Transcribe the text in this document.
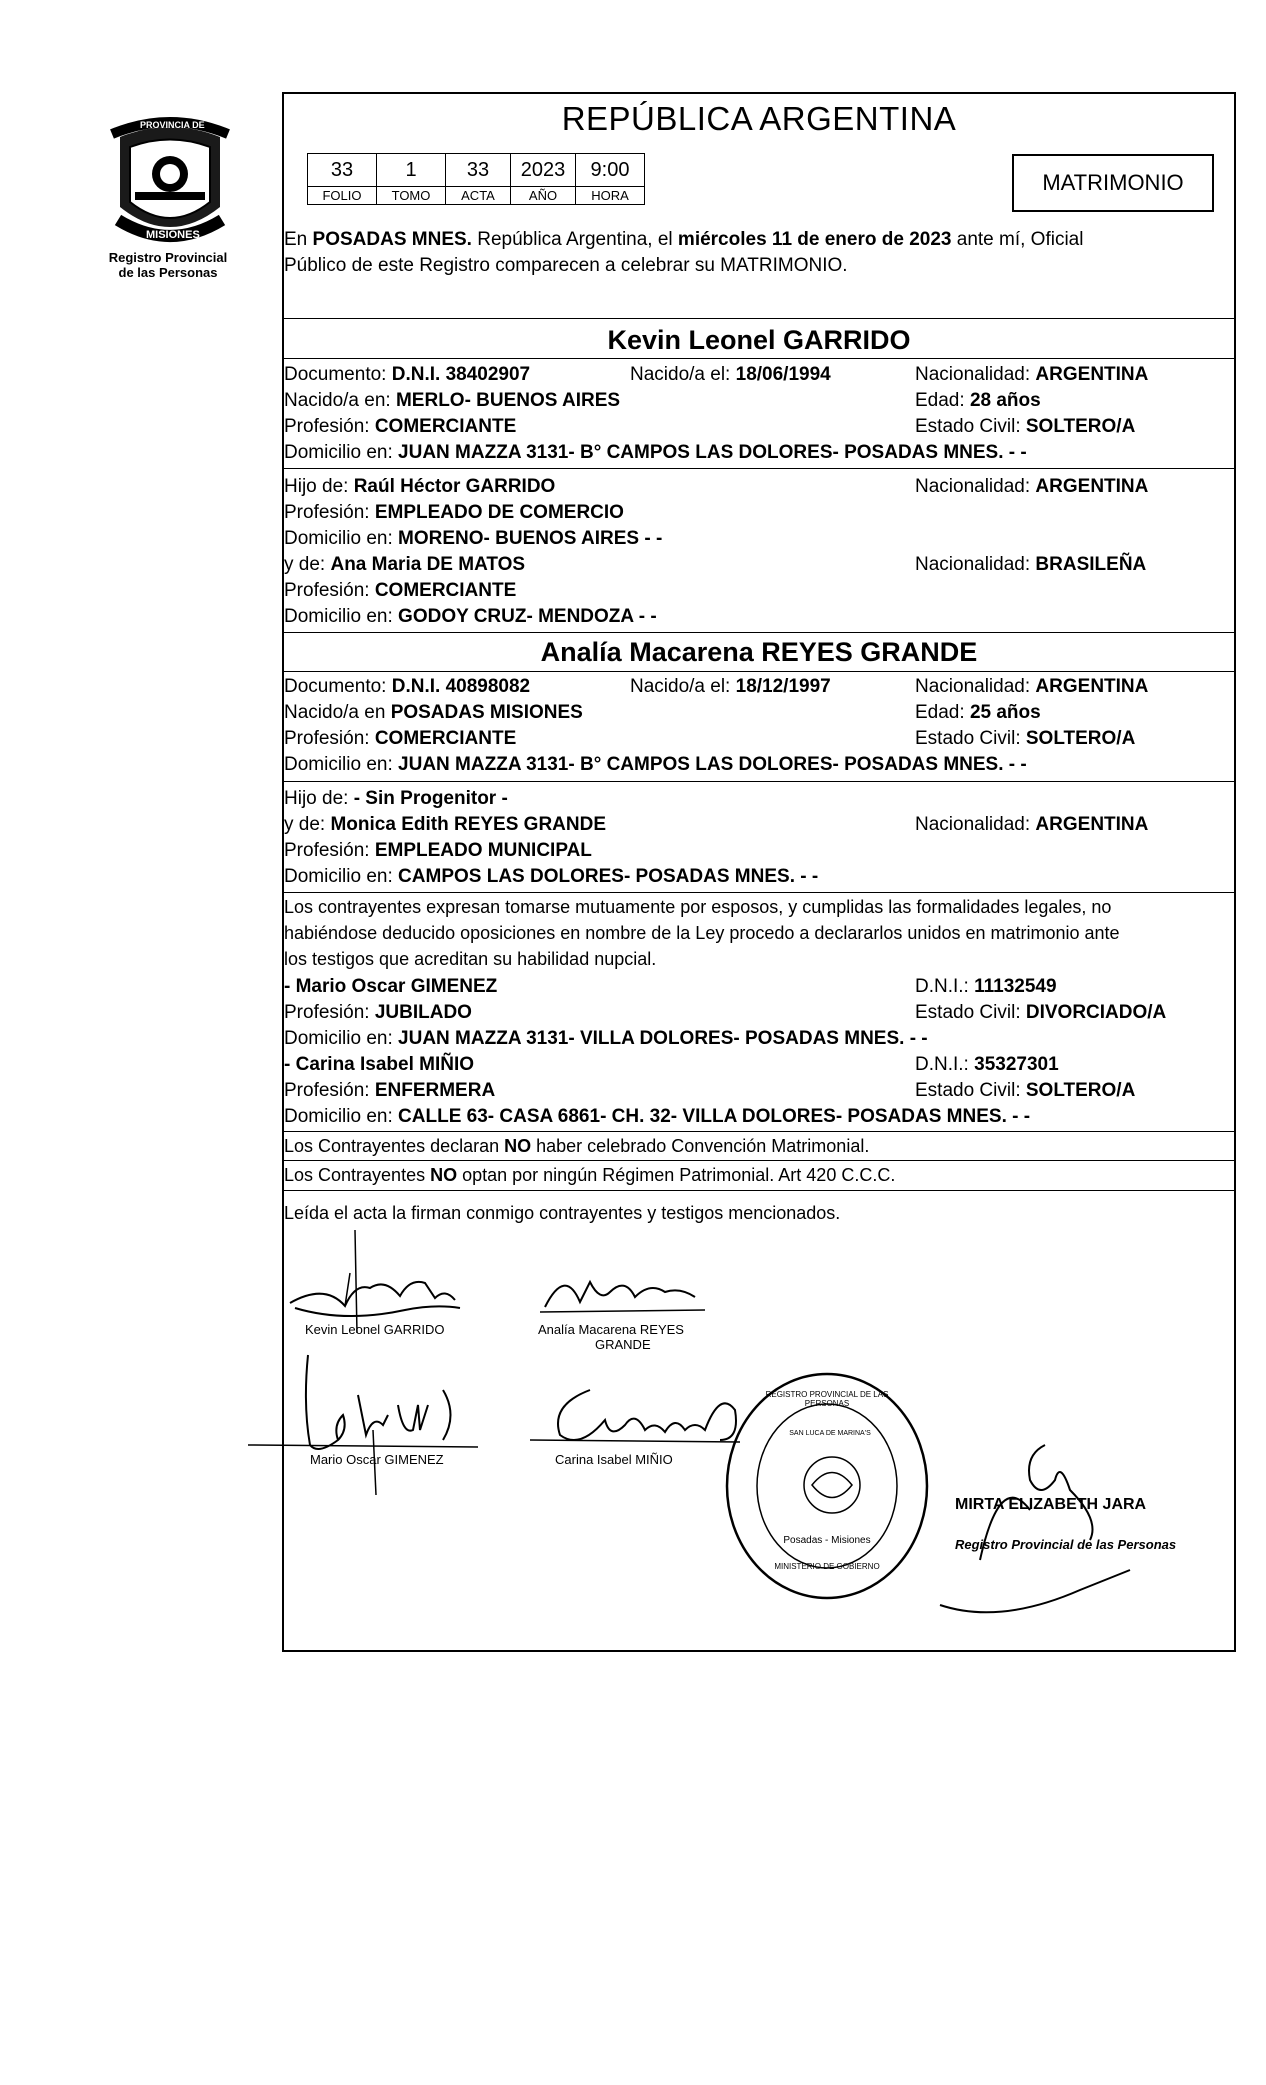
PROVINCIA DE
MISIONES
Registro Provincial
de las Personas
REPÚBLICA ARGENTINA
33	1	33	2023	9:00
FOLIO	TOMO	ACTA	AÑO	HORA
MATRIMONIO
En POSADAS MNES. República Argentina, el miércoles 11 de enero de 2023 ante mí, Oficial
Público de este Registro comparecen a celebrar su MATRIMONIO.
Kevin Leonel GARRIDO
Documento: D.N.I. 38402907	Nacido/a el: 18/06/1994	Nacionalidad: ARGENTINA
Nacido/a en: MERLO- BUENOS AIRES	Edad: 28 años
Profesión: COMERCIANTE	Estado Civil: SOLTERO/A
Domicilio en: JUAN MAZZA 3131- B° CAMPOS LAS DOLORES- POSADAS MNES. - -
Hijo de: Raúl Héctor GARRIDO	Nacionalidad: ARGENTINA
Profesión: EMPLEADO DE COMERCIO
Domicilio en: MORENO- BUENOS AIRES - -
y de: Ana Maria DE MATOS	Nacionalidad: BRASILEÑA
Profesión: COMERCIANTE
Domicilio en: GODOY CRUZ- MENDOZA - -
Analía Macarena REYES GRANDE
Documento: D.N.I. 40898082	Nacido/a el: 18/12/1997	Nacionalidad: ARGENTINA
Nacido/a en POSADAS MISIONES	Edad: 25 años
Profesión: COMERCIANTE	Estado Civil: SOLTERO/A
Domicilio en: JUAN MAZZA 3131- B° CAMPOS LAS DOLORES- POSADAS MNES. - -
Hijo de: - Sin Progenitor -
y de: Monica Edith REYES GRANDE	Nacionalidad: ARGENTINA
Profesión: EMPLEADO MUNICIPAL
Domicilio en: CAMPOS LAS DOLORES- POSADAS MNES. - -
Los contrayentes expresan tomarse mutuamente por esposos, y cumplidas las formalidades legales, no
habiéndose deducido oposiciones en nombre de la Ley procedo a declararlos unidos en matrimonio ante
los testigos que acreditan su habilidad nupcial.
- Mario Oscar GIMENEZ	D.N.I.: 11132549
Profesión: JUBILADO	Estado Civil: DIVORCIADO/A
Domicilio en: JUAN MAZZA 3131- VILLA DOLORES- POSADAS MNES. - -
- Carina Isabel MIÑIO	D.N.I.: 35327301
Profesión: ENFERMERA	Estado Civil: SOLTERO/A
Domicilio en: CALLE 63- CASA 6861- CH. 32- VILLA DOLORES- POSADAS MNES. - -
Los Contrayentes declaran NO haber celebrado Convención Matrimonial.
Los Contrayentes NO optan por ningún Régimen Patrimonial. Art 420 C.C.C.
Leída el acta la firman conmigo contrayentes y testigos mencionados.
Kevin Leonel GARRIDO	Analía Macarena REYES
GRANDE
Mario Oscar GIMENEZ	Carina Isabel MIÑIO
REGISTRO PROVINCIAL DE LAS PERSONAS
SAN LUCA DE MARINA'S
Posadas - Misiones
MINISTERIO DE GOBIERNO
MIRTA ELIZABETH JARA
Registro Provincial de las Personas
